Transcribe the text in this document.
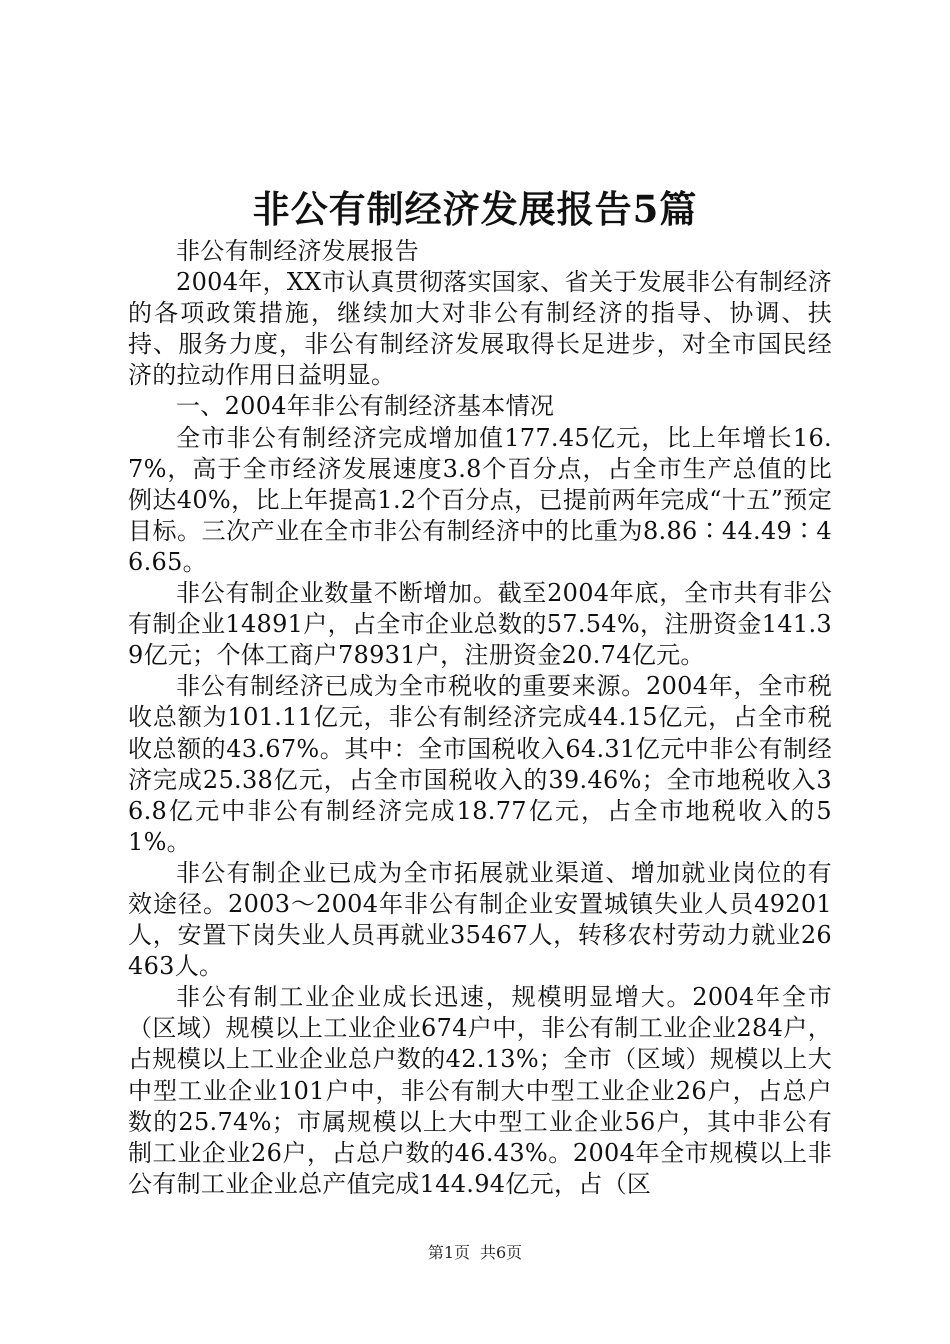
非公有制经济发展报告5篇

非公有制经济发展报告

2004年，XX市认真贯彻落实国家、省关于发展非公有制经济的各项政策措施，继续加大对非公有制经济的指导、协调、扶持、服务力度，非公有制经济发展取得长足进步，对全市国民经济的拉动作用日益明显。

一、2004年非公有制经济基本情况

全市非公有制经济完成增加值177.45亿元，比上年增长16.7%，高于全市经济发展速度3.8个百分点，占全市生产总值的比例达40%，比上年提高1.2个百分点，已提前两年完成“十五”预定目标。三次产业在全市非公有制经济中的比重为8.86∶44.49∶46.65。

非公有制企业数量不断增加。截至2004年底，全市共有非公有制企业14891户，占全市企业总数的57.54%，注册资金141.39亿元；个体工商户78931户，注册资金20.74亿元。

非公有制经济已成为全市税收的重要来源。2004年，全市税收总额为101.11亿元，非公有制经济完成44.15亿元，占全市税收总额的43.67%。其中：全市国税收入64.31亿元中非公有制经济完成25.38亿元，占全市国税收入的39.46%；全市地税收入36.8亿元中非公有制经济完成18.77亿元，占全市地税收入的51%。

非公有制企业已成为全市拓展就业渠道、增加就业岗位的有效途径。2003～2004年非公有制企业安置城镇失业人员49201人，安置下岗失业人员再就业35467人，转移农村劳动力就业26463人。

非公有制工业企业成长迅速，规模明显增大。2004年全市（区域）规模以上工业企业674户中，非公有制工业企业284户，占规模以上工业企业总户数的42.13%；全市（区域）规模以上大中型工业企业101户中，非公有制大中型工业企业26户，占总户数的25.74%；市属规模以上大中型工业企业56户，其中非公有制工业企业26户，占总户数的46.43%。2004年全市规模以上非公有制工业企业总产值完成144.94亿元，占（区

第1页 共6页
